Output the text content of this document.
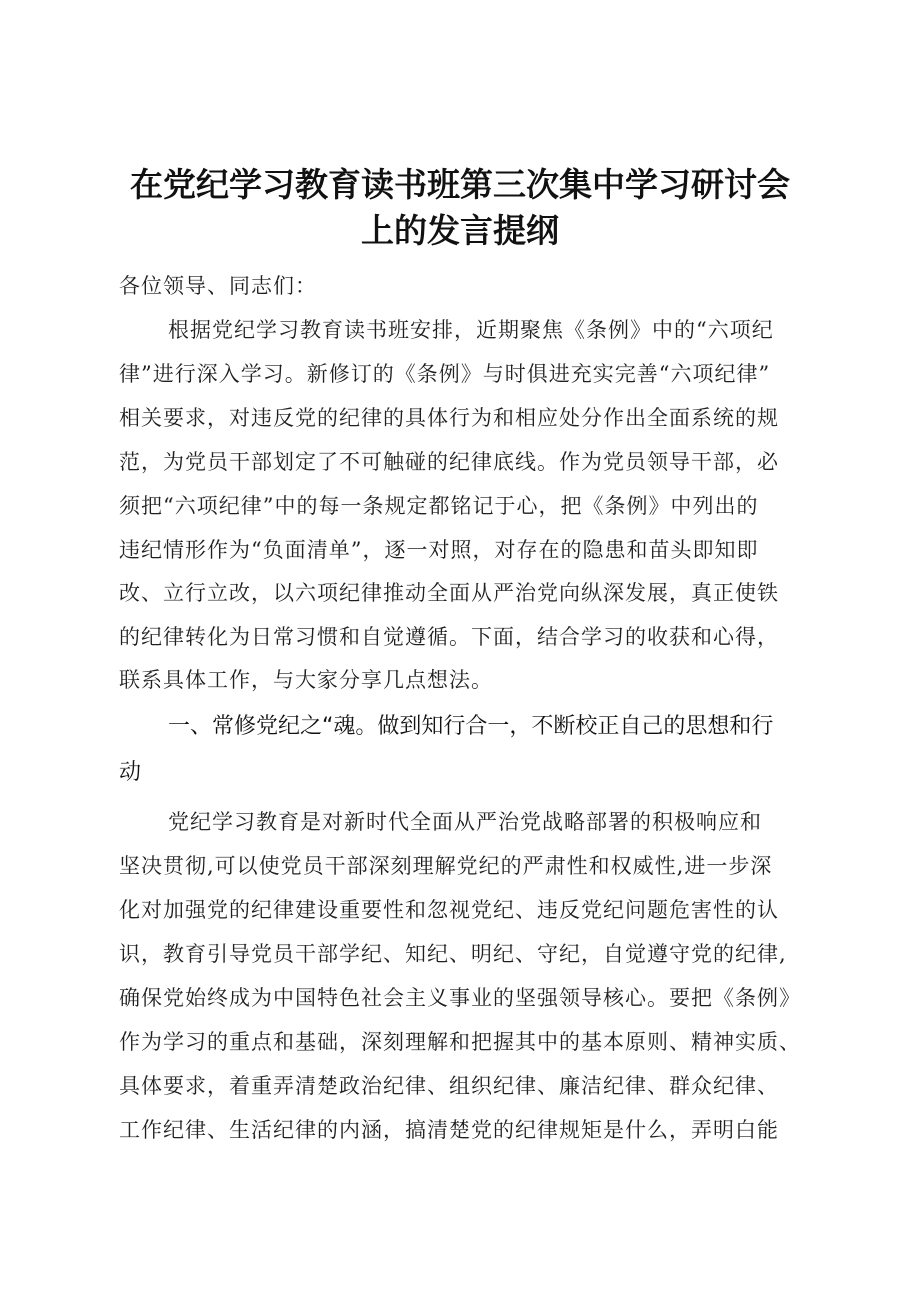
在党纪学习教育读书班第三次集中学习研讨会
上的发言提纲

各位领导、同志们：

根据党纪学习教育读书班安排，近期聚焦《条例》中的“六项纪

律”进行深入学习。新修订的《条例》与时俱进充实完善“六项纪律”

相关要求，对违反党的纪律的具体行为和相应处分作出全面系统的规

范，为党员干部划定了不可触碰的纪律底线。作为党员领导干部，必

须把“六项纪律”中的每一条规定都铭记于心，把《条例》中列出的

违纪情形作为“负面清单”，逐一对照，对存在的隐患和苗头即知即

改、立行立改，以六项纪律推动全面从严治党向纵深发展，真正使铁

的纪律转化为日常习惯和自觉遵循。下面，结合学习的收获和心得，

联系具体工作，与大家分享几点想法。

一、常修党纪之“魂。做到知行合一，不断校正自己的思想和行

动

党纪学习教育是对新时代全面从严治党战略部署的积极响应和

坚决贯彻,可以使党员干部深刻理解党纪的严肃性和权威性,进一步深

化对加强党的纪律建设重要性和忽视党纪、违反党纪问题危害性的认

识，教育引导党员干部学纪、知纪、明纪、守纪，自觉遵守党的纪律,

确保党始终成为中国特色社会主义事业的坚强领导核心。要把《条例》

作为学习的重点和基础，深刻理解和把握其中的基本原则、精神实质、

具体要求，着重弄清楚政治纪律、组织纪律、廉洁纪律、群众纪律、

工作纪律、生活纪律的内涵，搞清楚党的纪律规矩是什么，弄明白能
